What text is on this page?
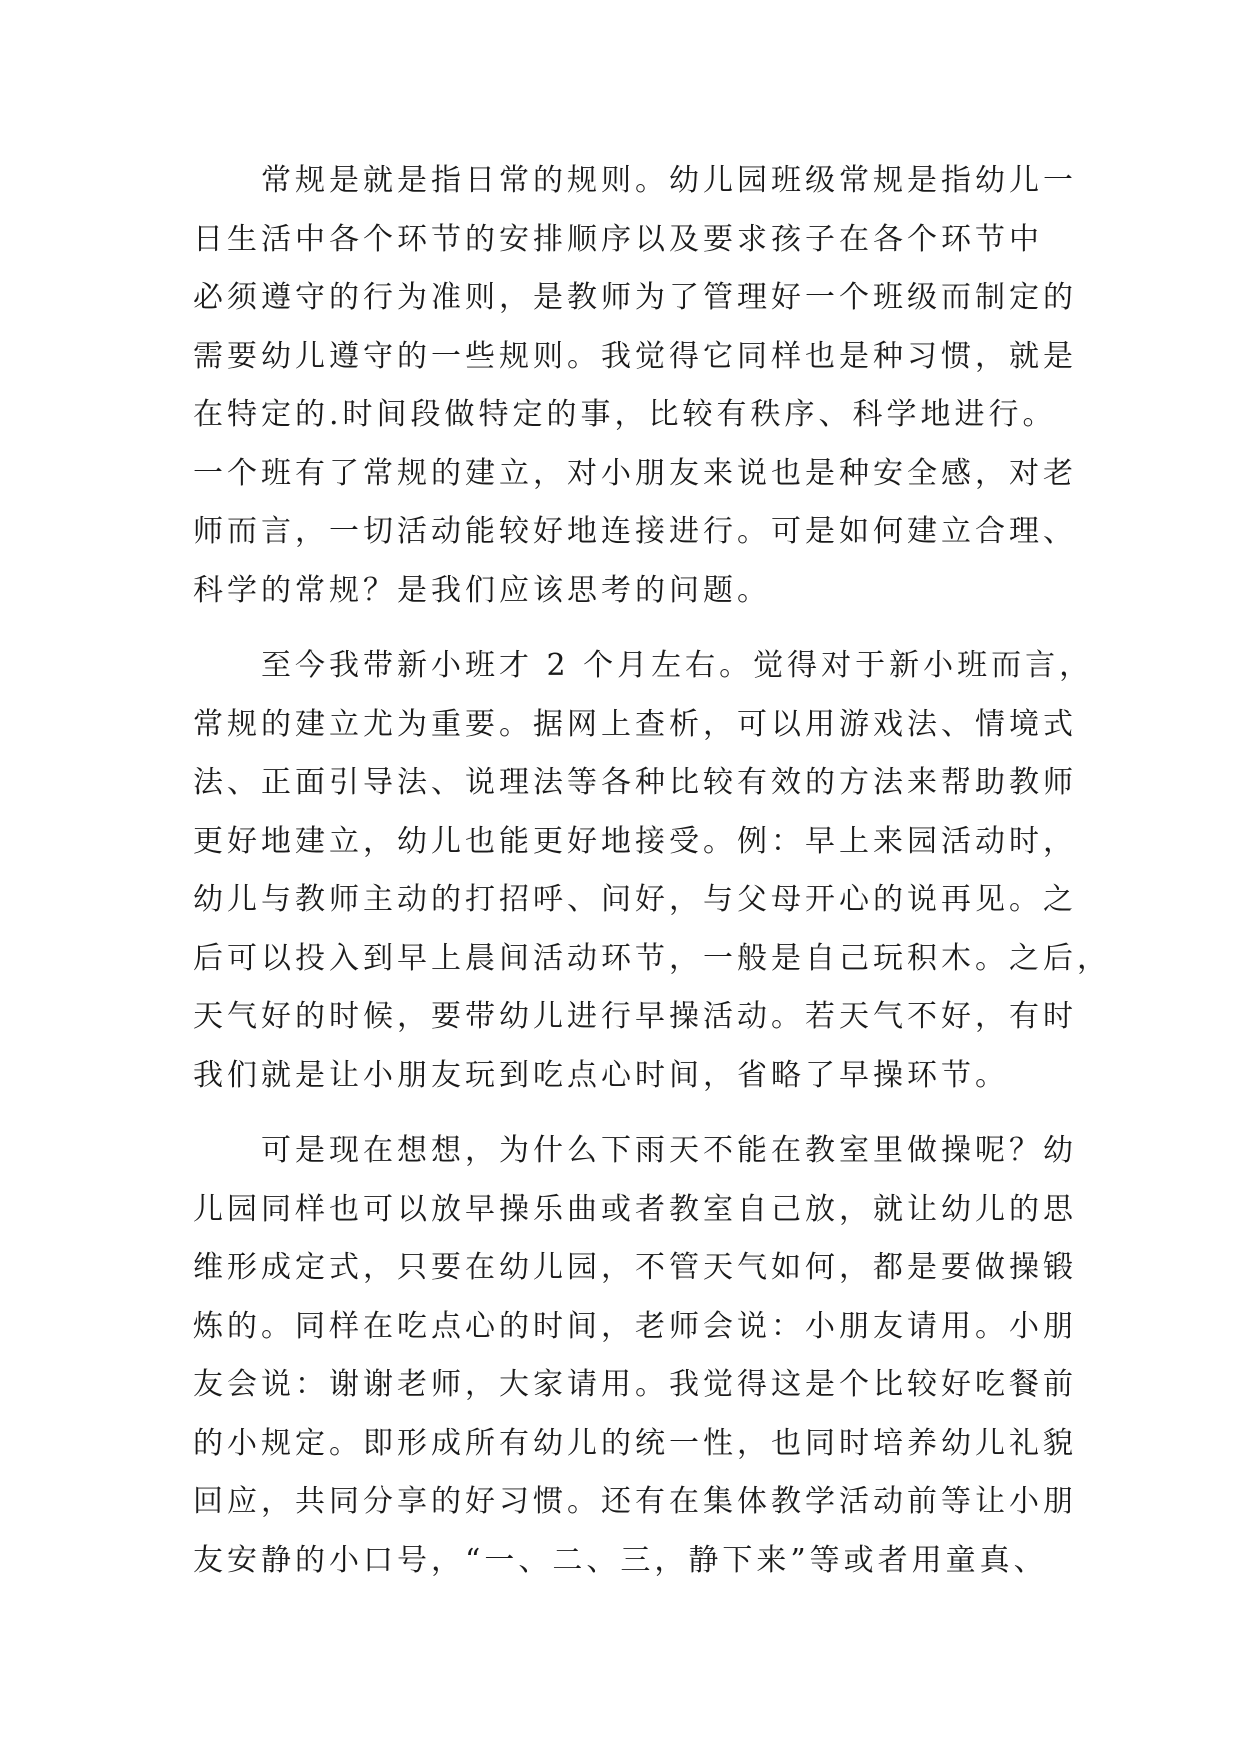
常规是就是指日常的规则。幼儿园班级常规是指幼儿一
日生活中各个环节的安排顺序以及要求孩子在各个环节中
必须遵守的行为准则，是教师为了管理好一个班级而制定的
需要幼儿遵守的一些规则。我觉得它同样也是种习惯，就是
在特定的.时间段做特定的事，比较有秩序、科学地进行。
一个班有了常规的建立，对小朋友来说也是种安全感，对老
师而言，一切活动能较好地连接进行。可是如何建立合理、
科学的常规？是我们应该思考的问题。
至今我带新小班才 2 个月左右。觉得对于新小班而言，
常规的建立尤为重要。据网上查析，可以用游戏法、情境式
法、正面引导法、说理法等各种比较有效的方法来帮助教师
更好地建立，幼儿也能更好地接受。例：早上来园活动时，
幼儿与教师主动的打招呼、问好，与父母开心的说再见。之
后可以投入到早上晨间活动环节，一般是自己玩积木。之后，
天气好的时候，要带幼儿进行早操活动。若天气不好，有时
我们就是让小朋友玩到吃点心时间，省略了早操环节。
可是现在想想，为什么下雨天不能在教室里做操呢？幼
儿园同样也可以放早操乐曲或者教室自己放，就让幼儿的思
维形成定式，只要在幼儿园，不管天气如何，都是要做操锻
炼的。同样在吃点心的时间，老师会说：小朋友请用。小朋
友会说：谢谢老师，大家请用。我觉得这是个比较好吃餐前
的小规定。即形成所有幼儿的统一性，也同时培养幼儿礼貌
回应，共同分享的好习惯。还有在集体教学活动前等让小朋
友安静的小口号，“一、二、三，静下来”等或者用童真、
